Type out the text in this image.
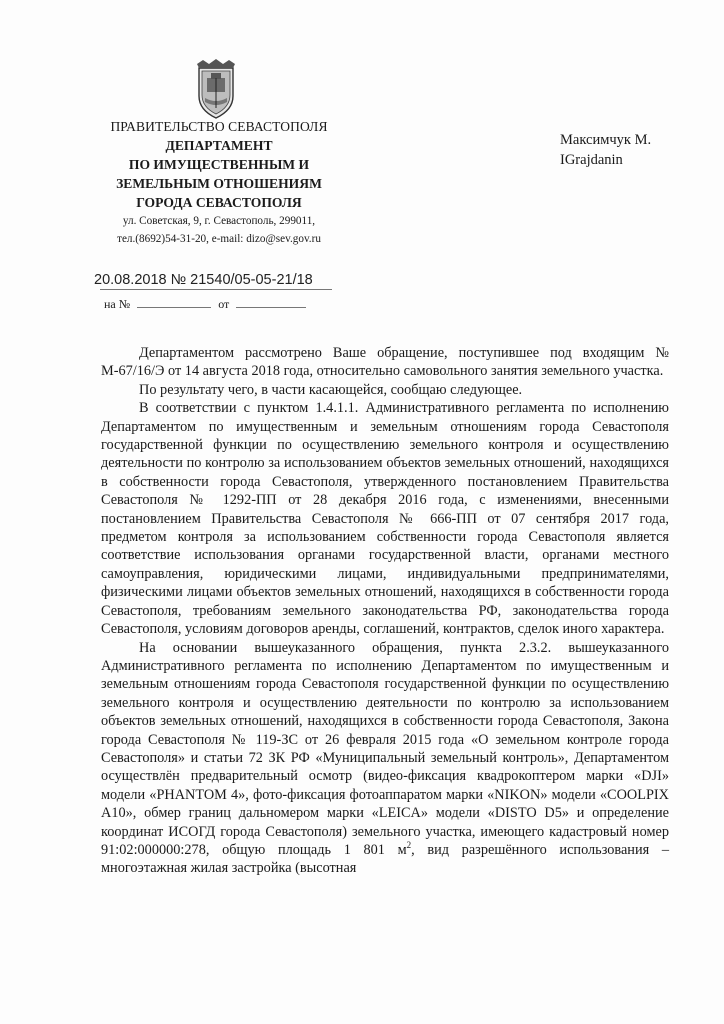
ПРАВИТЕЛЬСТВО СЕВАСТОПОЛЯ
ДЕПАРТАМЕНТ
ПО ИМУЩЕСТВЕННЫМ И
ЗЕМЕЛЬНЫМ ОТНОШЕНИЯМ
ГОРОДА СЕВАСТОПОЛЯ
ул. Советская, 9, г. Севастополь, 299011,
тел.(8692)54-31-20, e-mail: dizo@sev.gov.ru
Максимчук М.
IGrajdanin
20.08.2018 № 21540/05-05-21/18
на №	от

Департаментом рассмотрено Ваше обращение, поступившее под входящим № М-67/16/Э от 14 августа 2018 года, относительно самовольного занятия земельного участка.

По результату чего, в части касающейся, сообщаю следующее.

В соответствии с пунктом 1.4.1.1. Административного регламента по исполнению Департаментом по имущественным и земельным отношениям города Севастополя государственной функции по осуществлению земельного контроля и осуществлению деятельности по контролю за использованием объектов земельных отношений, находящихся в собственности города Севастополя, утвержденного постановлением Правительства Севастополя № 1292-ПП от 28 декабря 2016 года, с изменениями, внесенными постановлением Правительства Севастополя № 666-ПП от 07 сентября 2017 года, предметом контроля за использованием собственности города Севастополя является соответствие использования органами государственной власти, органами местного самоуправления, юридическими лицами, индивидуальными предпринимателями, физическими лицами объектов земельных отношений, находящихся в собственности города Севастополя, требованиям земельного законодательства РФ, законодательства города Севастополя, условиям договоров аренды, соглашений, контрактов, сделок иного характера.

На основании вышеуказанного обращения, пункта 2.3.2. вышеуказанного Административного регламента по исполнению Департаментом по имущественным и земельным отношениям города Севастополя государственной функции по осуществлению земельного контроля и осуществлению деятельности по контролю за использованием объектов земельных отношений, находящихся в собственности города Севастополя, Закона города Севастополя № 119-ЗС от 26 февраля 2015 года «О земельном контроле города Севастополя» и статьи 72 ЗК РФ «Муниципальный земельный контроль», Департаментом осуществлён предварительный осмотр (видео-фиксация квадрокоптером марки «DJI» модели «PHANTOM 4», фото-фиксация фотоаппаратом марки «NIKON» модели «COOLPIX A10», обмер границ дальномером марки «LEICA» модели «DISTO D5» и определение координат ИСОГД города Севастополя) земельного участка, имеющего кадастровый номер 91:02:000000:278, общую площадь 1 801 $м^2$, вид разрешённого использования – многоэтажная жилая застройка (высотная
